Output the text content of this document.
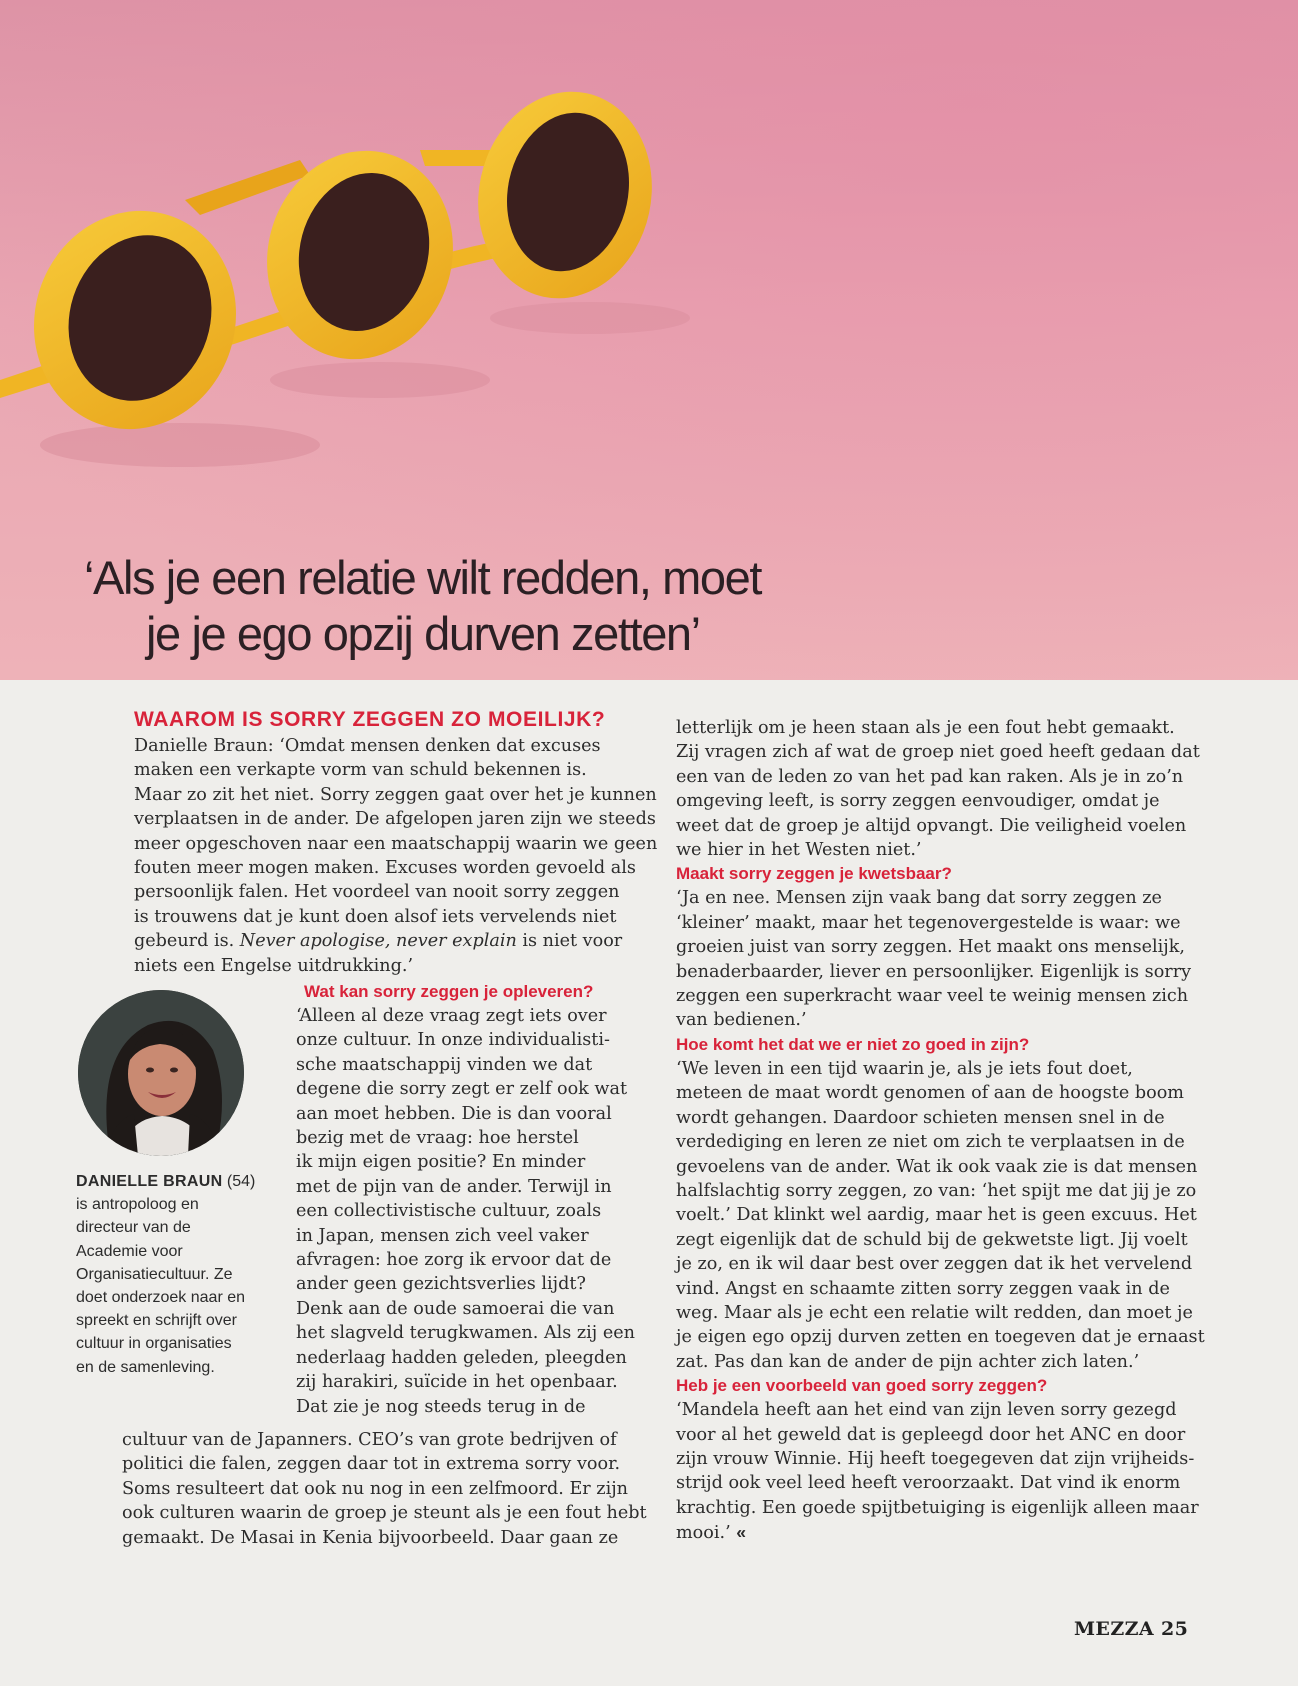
‘Als je een relatie wilt redden, moet
je je ego opzij durven zetten’
WAAROM IS SORRY ZEGGEN ZO MOEILIJK?
Danielle Braun: ‘Omdat mensen denken dat excuses
maken een verkapte vorm van schuld bekennen is.
Maar zo zit het niet. Sorry zeggen gaat over het je kunnen
verplaatsen in de ander. De afgelopen jaren zijn we steeds
meer opgeschoven naar een maatschappij waarin we geen
fouten meer mogen maken. Excuses worden gevoeld als
persoonlijk falen. Het voordeel van nooit sorry zeggen
is trouwens dat je kunt doen alsof iets vervelends niet
gebeurd is. Never apologise, never explain is niet voor
niets een Engelse uitdrukking.’
DANIELLE BRAUN (54)
is antropoloog en
directeur van de
Academie voor
Organisatiecultuur. Ze
doet onderzoek naar en
spreekt en schrijft over
cultuur in organisaties
en de samenleving.
Wat kan sorry zeggen je opleveren?
‘Alleen al deze vraag zegt iets over
onze cultuur. In onze individualisti-
sche maatschappij vinden we dat
degene die sorry zegt er zelf ook wat
aan moet hebben. Die is dan vooral
bezig met de vraag: hoe herstel
ik mijn eigen positie? En minder
met de pijn van de ander. Terwijl in
een collectivistische cultuur, zoals
in Japan, mensen zich veel vaker
afvragen: hoe zorg ik ervoor dat de
ander geen gezichtsverlies lijdt?
Denk aan de oude samoerai die van
het slagveld terugkwamen. Als zij een
nederlaag hadden geleden, pleegden
zij harakiri, suïcide in het openbaar.
Dat zie je nog steeds terug in de
cultuur van de Japanners. CEO’s van grote bedrijven of
politici die falen, zeggen daar tot in extrema sorry voor.
Soms resulteert dat ook nu nog in een zelfmoord. Er zijn
ook culturen waarin de groep je steunt als je een fout hebt
gemaakt. De Masai in Kenia bijvoorbeeld. Daar gaan ze
letterlijk om je heen staan als je een fout hebt gemaakt.
Zij vragen zich af wat de groep niet goed heeft gedaan dat
een van de leden zo van het pad kan raken. Als je in zo’n
omgeving leeft, is sorry zeggen eenvoudiger, omdat je
weet dat de groep je altijd opvangt. Die veiligheid voelen
we hier in het Westen niet.’
Maakt sorry zeggen je kwetsbaar?
‘Ja en nee. Mensen zijn vaak bang dat sorry zeggen ze
‘kleiner’ maakt, maar het tegenovergestelde is waar: we
groeien juist van sorry zeggen. Het maakt ons menselijk,
benaderbaarder, liever en persoonlijker. Eigenlijk is sorry
zeggen een superkracht waar veel te weinig mensen zich
van bedienen.’
Hoe komt het dat we er niet zo goed in zijn?
‘We leven in een tijd waarin je, als je iets fout doet,
meteen de maat wordt genomen of aan de hoogste boom
wordt gehangen. Daardoor schieten mensen snel in de
verdediging en leren ze niet om zich te verplaatsen in de
gevoelens van de ander. Wat ik ook vaak zie is dat mensen
halfslachtig sorry zeggen, zo van: ‘het spijt me dat jij je zo
voelt.’ Dat klinkt wel aardig, maar het is geen excuus. Het
zegt eigenlijk dat de schuld bij de gekwetste ligt. Jij voelt
je zo, en ik wil daar best over zeggen dat ik het vervelend
vind. Angst en schaamte zitten sorry zeggen vaak in de
weg. Maar als je echt een relatie wilt redden, dan moet je
je eigen ego opzij durven zetten en toegeven dat je ernaast
zat. Pas dan kan de ander de pijn achter zich laten.’
Heb je een voorbeeld van goed sorry zeggen?
‘Mandela heeft aan het eind van zijn leven sorry gezegd
voor al het geweld dat is gepleegd door het ANC en door
zijn vrouw Winnie. Hij heeft toegegeven dat zijn vrijheids-
strijd ook veel leed heeft veroorzaakt. Dat vind ik enorm
krachtig. Een goede spijtbetuiging is eigenlijk alleen maar
mooi.’ «
MEZZA 25
